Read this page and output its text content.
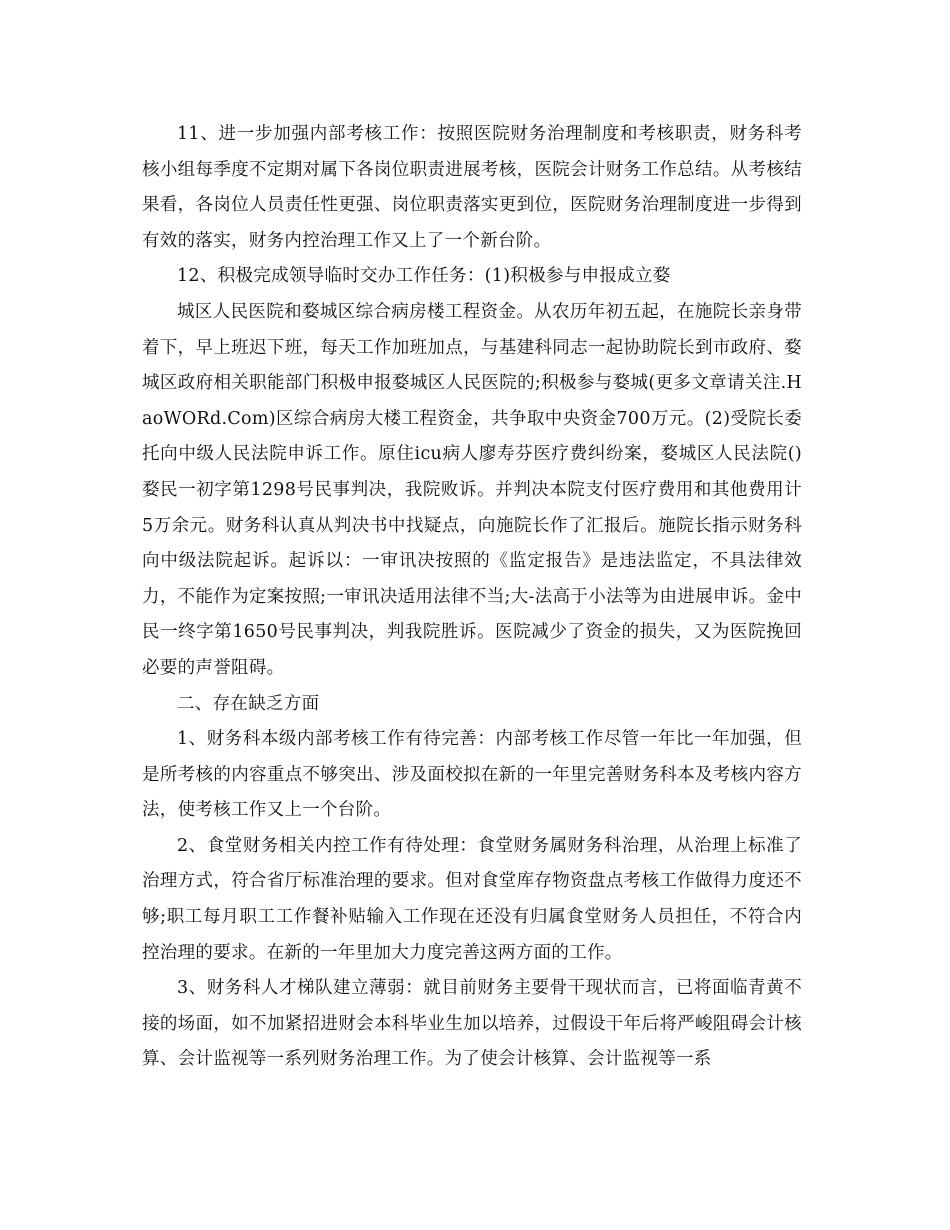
11、进一步加强内部考核工作：按照医院财务治理制度和考核职责，财务科考核小组每季度不定期对属下各岗位职责进展考核，医院会计财务工作总结。从考核结果看，各岗位人员责任性更强、岗位职责落实更到位，医院财务治理制度进一步得到有效的落实，财务内控治理工作又上了一个新台阶。

12、积极完成领导临时交办工作任务：(1)积极参与申报成立婺

城区人民医院和婺城区综合病房楼工程资金。从农历年初五起，在施院长亲身带着下，早上班迟下班，每天工作加班加点，与基建科同志一起协助院长到市政府、婺城区政府相关职能部门积极申报婺城区人民医院的;积极参与婺城(更多文章请关注.HaoWORd.Com)区综合病房大楼工程资金，共争取中央资金700万元。(2)受院长委托向中级人民法院申诉工作。原住icu病人廖寿芬医疗费纠纷案，婺城区人民法院()婺民一初字第1298号民事判决，我院败诉。并判决本院支付医疗费用和其他费用计5万余元。财务科认真从判决书中找疑点，向施院长作了汇报后。施院长指示财务科向中级法院起诉。起诉以：一审讯决按照的《监定报告》是违法监定，不具法律效力，不能作为定案按照;一审讯决适用法律不当;大-法高于小法等为由进展申诉。金中民一终字第1650号民事判决，判我院胜诉。医院减少了资金的损失，又为医院挽回必要的声誉阻碍。

二、存在缺乏方面

1、财务科本级内部考核工作有待完善：内部考核工作尽管一年比一年加强，但是所考核的内容重点不够突出、涉及面校拟在新的一年里完善财务科本及考核内容方法，使考核工作又上一个台阶。

2、食堂财务相关内控工作有待处理：食堂财务属财务科治理，从治理上标准了治理方式，符合省厅标准治理的要求。但对食堂库存物资盘点考核工作做得力度还不够;职工每月职工工作餐补贴输入工作现在还没有归属食堂财务人员担任，不符合内控治理的要求。在新的一年里加大力度完善这两方面的工作。

3、财务科人才梯队建立薄弱：就目前财务主要骨干现状而言，已将面临青黄不接的场面，如不加紧招进财会本科毕业生加以培养，过假设干年后将严峻阻碍会计核算、会计监视等一系列财务治理工作。为了使会计核算、会计监视等一系
